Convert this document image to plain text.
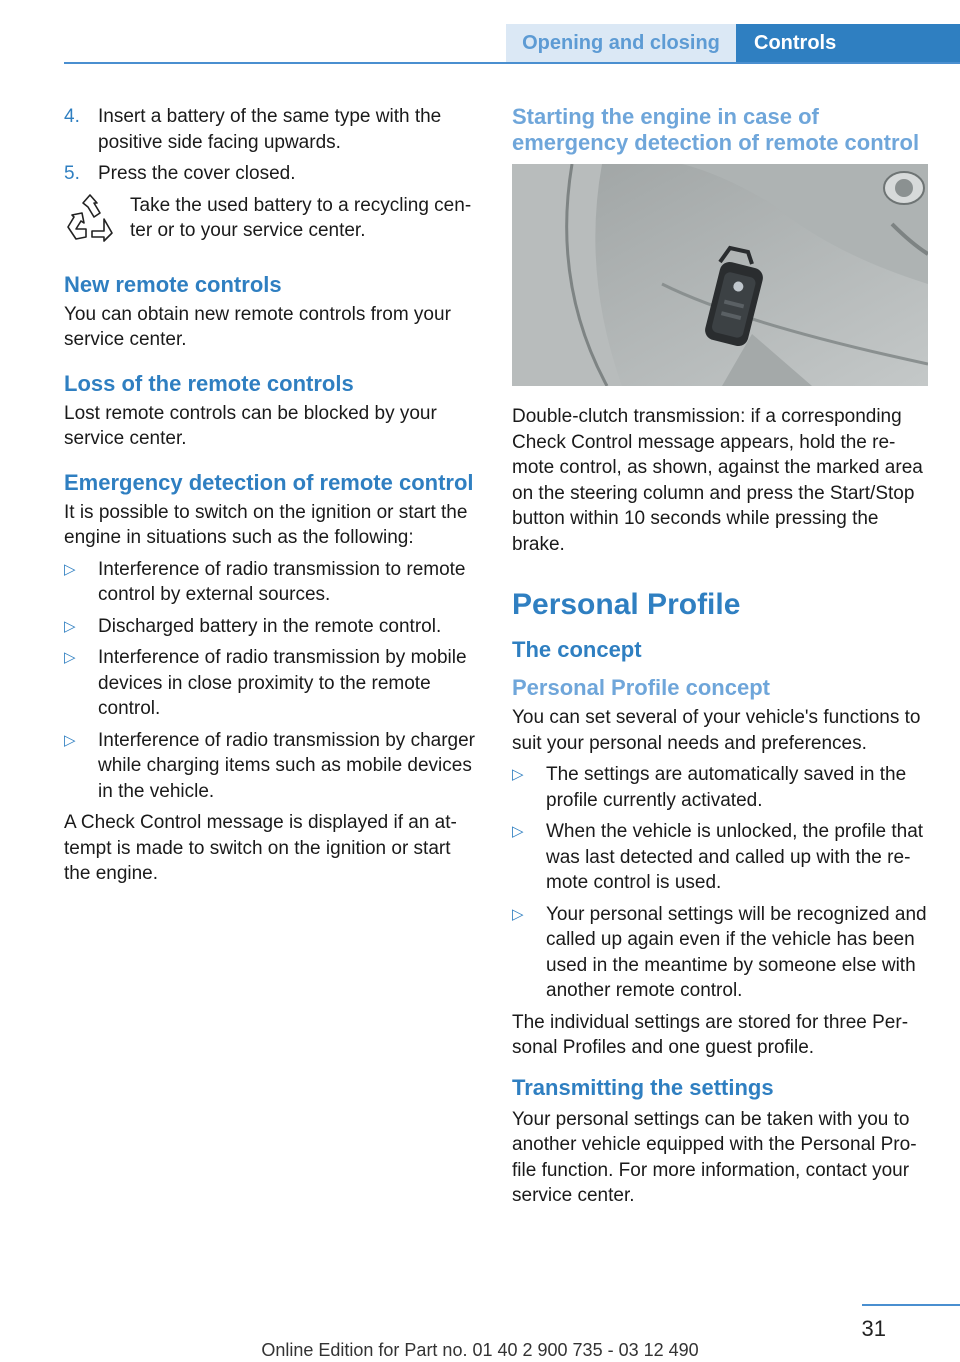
Opening and closing	Controls
4. Insert a battery of the same type with the positive side facing upwards.
5. Press the cover closed.
Take the used battery to a recycling center or to your service center.
New remote controls

You can obtain new remote controls from your service center.

Loss of the remote controls

Lost remote controls can be blocked by your service center.

Emergency detection of remote control

It is possible to switch on the ignition or start the engine in situations such as the following:

▷	Interference of radio transmission to remote control by external sources.
▷	Discharged battery in the remote control.
▷	Interference of radio transmission by mobile devices in close proximity to the remote control.
▷	Interference of radio transmission by charger while charging items such as mobile devices in the vehicle.

A Check Control message is displayed if an attempt is made to switch on the ignition or start the engine.

Starting the engine in case of emergency detection of remote control

Double-clutch transmission: if a corresponding Check Control message appears, hold the remote control, as shown, against the marked area on the steering column and press the Start/Stop button within 10 seconds while pressing the brake.

Personal Profile
The concept
Personal Profile concept

You can set several of your vehicle's functions to suit your personal needs and preferences.

▷	The settings are automatically saved in the profile currently activated.
▷	When the vehicle is unlocked, the profile that was last detected and called up with the remote control is used.
▷	Your personal settings will be recognized and called up again even if the vehicle has been used in the meantime by someone else with another remote control.

The individual settings are stored for three Personal Profiles and one guest profile.

Transmitting the settings

Your personal settings can be taken with you to another vehicle equipped with the Personal Profile function. For more information, contact your service center.

31
Online Edition for Part no. 01 40 2 900 735 - 03 12 490
